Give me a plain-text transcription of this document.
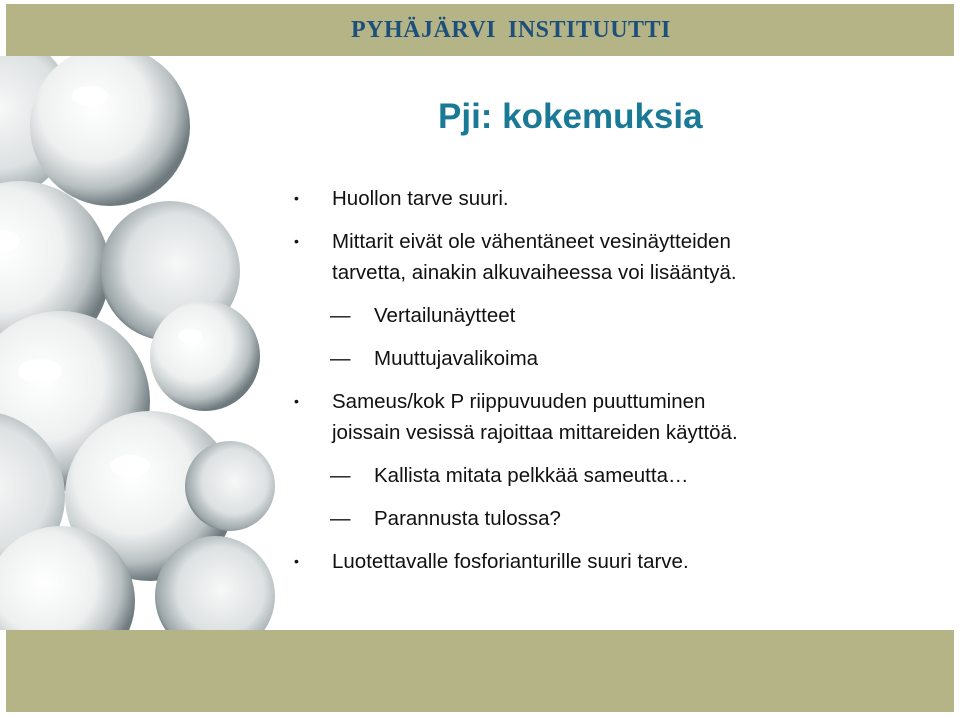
PYHÄJÄRVI INSTITUUTTI
Pji: kokemuksia
• Huollon tarve suuri.
• Mittarit eivät ole vähentäneet vesinäytteiden
tarvetta, ainakin alkuvaiheessa voi lisääntyä.
— Vertailunäytteet
— Muuttujavalikoima
• Sameus/kok P riippuvuuden puuttuminen
joissain vesissä rajoittaa mittareiden käyttöä.
— Kallista mitata pelkkää sameutta…
— Parannusta tulossa?
• Luotettavalle fosforianturille suuri tarve.
